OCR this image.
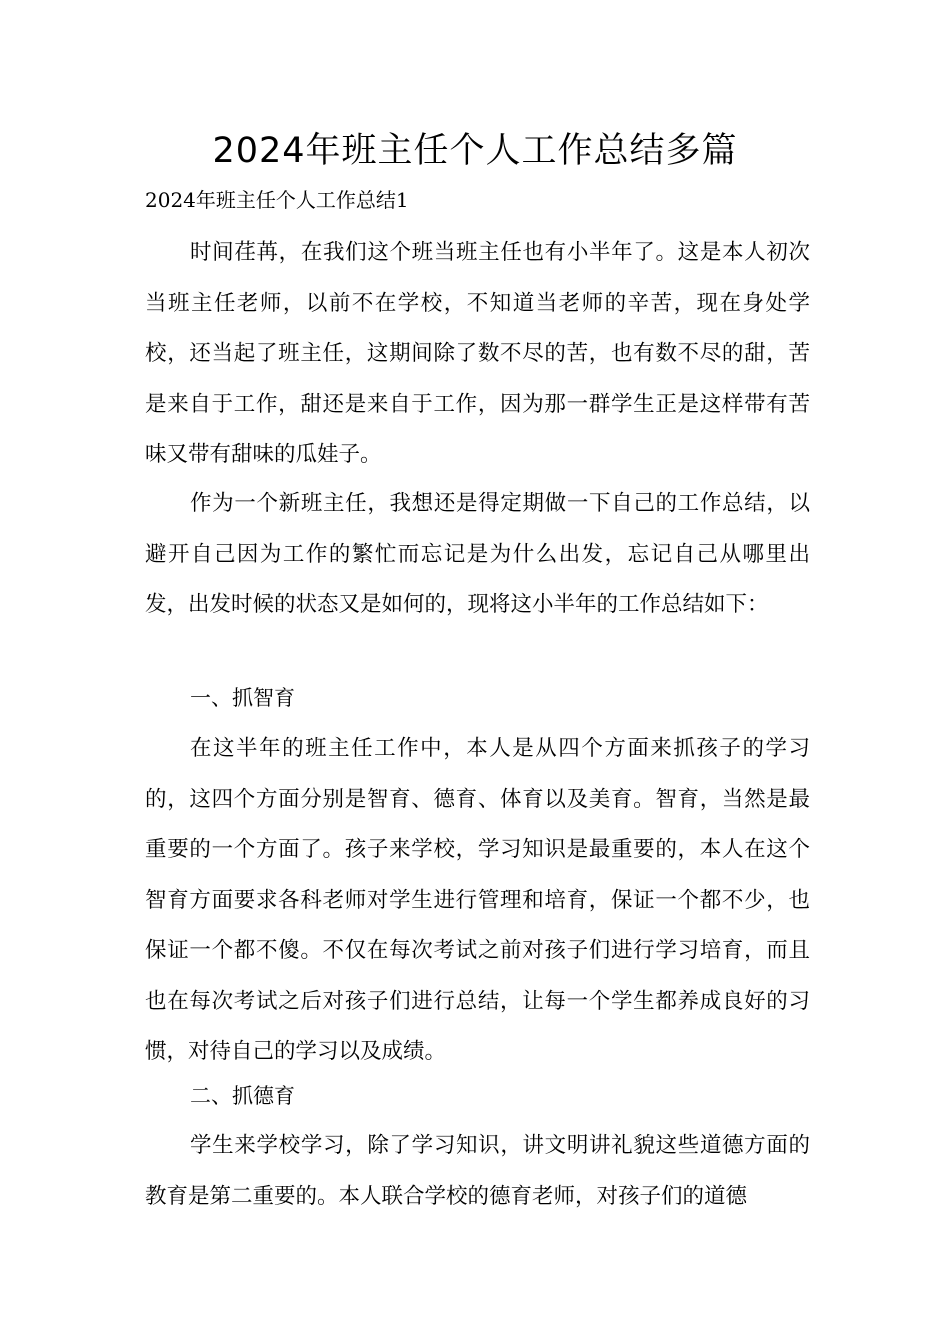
2024年班主任个人工作总结多篇

2024年班主任个人工作总结1

时间荏苒，在我们这个班当班主任也有小半年了。这是本人初次当班主任老师，以前不在学校，不知道当老师的辛苦，现在身处学校，还当起了班主任，这期间除了数不尽的苦，也有数不尽的甜，苦是来自于工作，甜还是来自于工作，因为那一群学生正是这样带有苦味又带有甜味的瓜娃子。

作为一个新班主任，我想还是得定期做一下自己的工作总结，以避开自己因为工作的繁忙而忘记是为什么出发，忘记自己从哪里出发，出发时候的状态又是如何的，现将这小半年的工作总结如下：

一、抓智育

在这半年的班主任工作中，本人是从四个方面来抓孩子的学习的，这四个方面分别是智育、德育、体育以及美育。智育，当然是最重要的一个方面了。孩子来学校，学习知识是最重要的，本人在这个智育方面要求各科老师对学生进行管理和培育，保证一个都不少，也保证一个都不傻。不仅在每次考试之前对孩子们进行学习培育，而且也在每次考试之后对孩子们进行总结，让每一个学生都养成良好的习惯，对待自己的学习以及成绩。

二、抓德育

学生来学校学习，除了学习知识，讲文明讲礼貌这些道德方面的教育是第二重要的。本人联合学校的德育老师，对孩子们的道德
